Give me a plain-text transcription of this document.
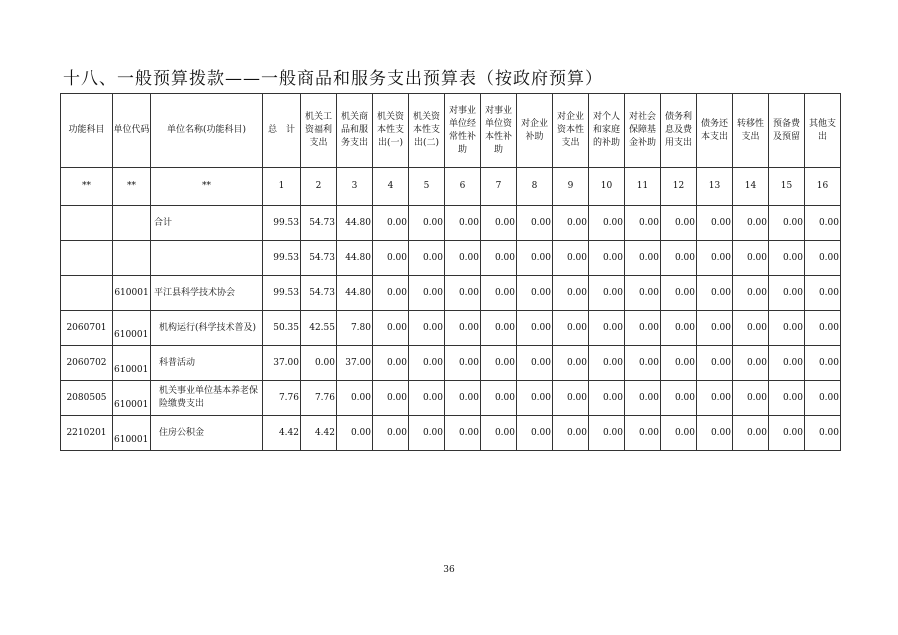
十八、一般预算拨款——一般商品和服务支出预算表（按政府预算）
功能科目	单位代码	单位名称(功能科目)	总　计	机关工资福利支出	机关商品和服务支出	机关资本性支出(一)	机关资本性支出(二)	对事业单位经常性补助	对事业单位资本性补助	对企业补助	对企业资本性支出	对个人和家庭的补助	对社会保障基金补助	债务利息及费用支出	债务还本支出	转移性支出	预备费及预留	其他支出
**	**	**	1	2	3	4	5	6	7	8	9	10	11	12	13	14	15	16
		合计	99.53	54.73	44.80	0.00	0.00	0.00	0.00	0.00	0.00	0.00	0.00	0.00	0.00	0.00	0.00	0.00
			99.53	54.73	44.80	0.00	0.00	0.00	0.00	0.00	0.00	0.00	0.00	0.00	0.00	0.00	0.00	0.00
	610001	平江县科学技术协会	99.53	54.73	44.80	0.00	0.00	0.00	0.00	0.00	0.00	0.00	0.00	0.00	0.00	0.00	0.00	0.00
2060701	610001	机构运行(科学技术普及)	50.35	42.55	7.80	0.00	0.00	0.00	0.00	0.00	0.00	0.00	0.00	0.00	0.00	0.00	0.00	0.00
2060702	610001	科普活动	37.00	0.00	37.00	0.00	0.00	0.00	0.00	0.00	0.00	0.00	0.00	0.00	0.00	0.00	0.00	0.00
2080505	610001	机关事业单位基本养老保险缴费支出	7.76	7.76	0.00	0.00	0.00	0.00	0.00	0.00	0.00	0.00	0.00	0.00	0.00	0.00	0.00	0.00
2210201	610001	住房公积金	4.42	4.42	0.00	0.00	0.00	0.00	0.00	0.00	0.00	0.00	0.00	0.00	0.00	0.00	0.00	0.00
36
